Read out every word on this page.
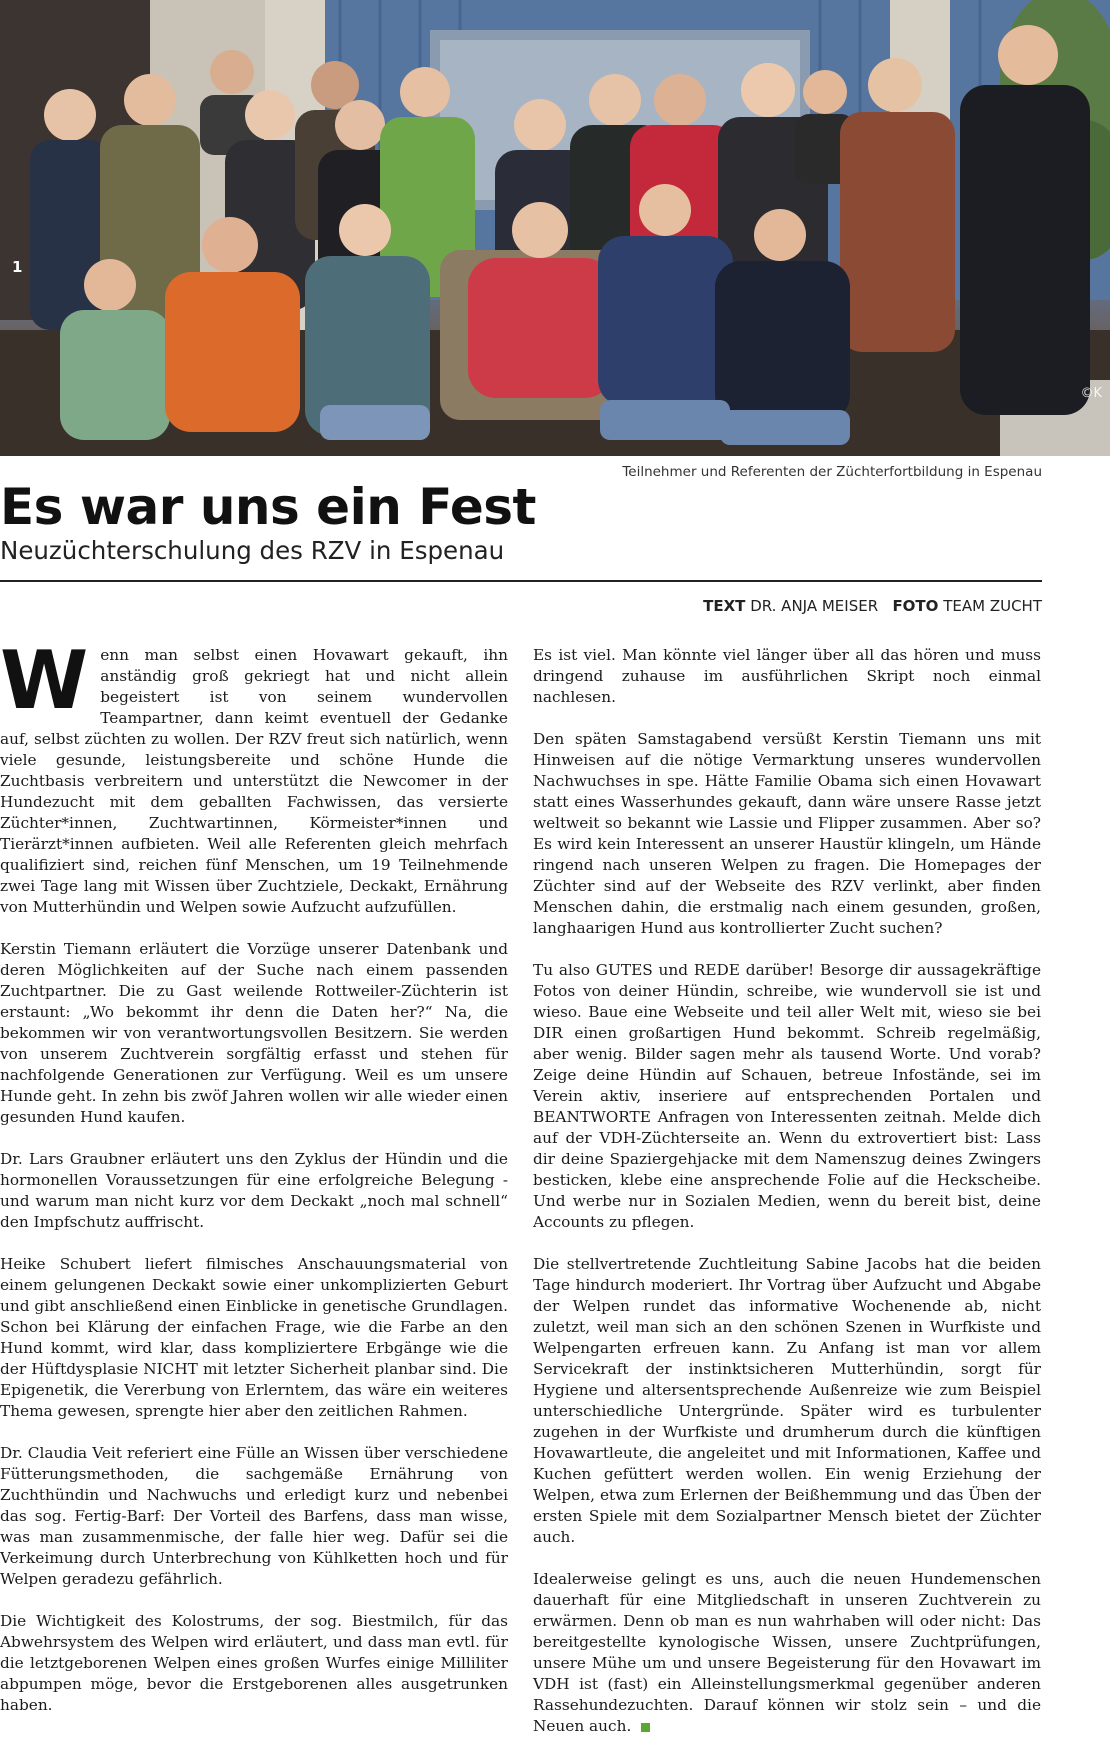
1
©K
Teilnehmer und Referenten der Züchterfortbildung in Espenau
Es war uns ein Fest
Neuzüchterschulung des RZV in Espenau
TEXT DR. ANJA MEISER FOTO TEAM ZUCHT

Wenn man selbst einen Hovawart gekauft, ihn anständig groß gekriegt hat und nicht allein begeistert ist von seinem wundervollen Teampartner, dann keimt eventuell der Gedanke auf, selbst züchten zu wollen. Der RZV freut sich natürlich, wenn viele gesunde, leistungsbereite und schöne Hunde die Zuchtbasis verbreitern und unterstützt die Newcomer in der Hundezucht mit dem geballten Fachwissen, das versierte Züchter*innen, Zuchtwartinnen, Körmeister*innen und Tierärzt*innen aufbieten. Weil alle Referenten gleich mehrfach qualifiziert sind, reichen fünf Menschen, um 19 Teilnehmende zwei Tage lang mit Wissen über Zuchtziele, Deckakt, Ernährung von Mutterhündin und Welpen sowie Aufzucht aufzufüllen.

Kerstin Tiemann erläutert die Vorzüge unserer Datenbank und deren Möglichkeiten auf der Suche nach einem passenden Zuchtpartner. Die zu Gast weilende Rottweiler-Züchterin ist erstaunt: „Wo bekommt ihr denn die Daten her?“ Na, die bekommen wir von verantwortungsvollen Besitzern. Sie werden von unserem Zuchtverein sorgfältig erfasst und stehen für nachfolgende Generationen zur Verfügung. Weil es um unsere Hunde geht. In zehn bis zwöf Jahren wollen wir alle wieder einen gesunden Hund kaufen.

Dr. Lars Graubner erläutert uns den Zyklus der Hündin und die hormonellen Voraussetzungen für eine erfolgreiche Belegung - und warum man nicht kurz vor dem Deckakt „noch mal schnell“ den Impfschutz auffrischt.

Heike Schubert liefert filmisches Anschauungsmaterial von einem gelungenen Deckakt sowie einer unkomplizierten Geburt und gibt anschließend einen Einblicke in genetische Grundlagen. Schon bei Klärung der einfachen Frage, wie die Farbe an den Hund kommt, wird klar, dass kompliziertere Erbgänge wie die der Hüftdysplasie NICHT mit letzter Sicherheit planbar sind. Die Epigenetik, die Vererbung von Erlerntem, das wäre ein weiteres Thema gewesen, sprengte hier aber den zeitlichen Rahmen.

Dr. Claudia Veit referiert eine Fülle an Wissen über verschiedene Fütterungsmethoden, die sachgemäße Ernährung von Zuchthündin und Nachwuchs und erledigt kurz und nebenbei das sog. Fertig-Barf: Der Vorteil des Barfens, dass man wisse, was man zusammenmische, der falle hier weg. Dafür sei die Verkeimung durch Unterbrechung von Kühlketten hoch und für Welpen geradezu gefährlich.

Die Wichtigkeit des Kolostrums, der sog. Biestmilch, für das Abwehrsystem des Welpen wird erläutert, und dass man evtl. für die letztgeborenen Welpen eines großen Wurfes einige Milliliter abpumpen möge, bevor die Erstgeborenen alles ausgetrunken haben.

Es ist viel. Man könnte viel länger über all das hören und muss dringend zuhause im ausführlichen Skript noch einmal nachlesen.

Den späten Samstagabend versüßt Kerstin Tiemann uns mit Hinweisen auf die nötige Vermarktung unseres wundervollen Nachwuchses in spe. Hätte Familie Obama sich einen Hovawart statt eines Wasserhundes gekauft, dann wäre unsere Rasse jetzt weltweit so bekannt wie Lassie und Flipper zusammen. Aber so? Es wird kein Interessent an unserer Haustür klingeln, um Hände ringend nach unseren Welpen zu fragen. Die Homepages der Züchter sind auf der Webseite des RZV verlinkt, aber finden Menschen dahin, die erstmalig nach einem gesunden, großen, langhaarigen Hund aus kontrollierter Zucht suchen?

Tu also GUTES und REDE darüber! Besorge dir aussagekräftige Fotos von deiner Hündin, schreibe, wie wundervoll sie ist und wieso. Baue eine Webseite und teil aller Welt mit, wieso sie bei DIR einen großartigen Hund bekommt. Schreib regelmäßig, aber wenig. Bilder sagen mehr als tausend Worte. Und vorab? Zeige deine Hündin auf Schauen, betreue Infostände, sei im Verein aktiv, inseriere auf entsprechenden Portalen und BEANTWORTE Anfragen von Interessenten zeitnah. Melde dich auf der VDH-Züchterseite an. Wenn du extrovertiert bist: Lass dir deine Spaziergehjacke mit dem Namenszug deines Zwingers besticken, klebe eine ansprechende Folie auf die Heckscheibe. Und werbe nur in Sozialen Medien, wenn du bereit bist, deine Accounts zu pflegen.

Die stellvertretende Zuchtleitung Sabine Jacobs hat die beiden Tage hindurch moderiert. Ihr Vortrag über Aufzucht und Abgabe der Welpen rundet das informative Wochenende ab, nicht zuletzt, weil man sich an den schönen Szenen in Wurfkiste und Welpengarten erfreuen kann. Zu Anfang ist man vor allem Servicekraft der instinktsicheren Mutterhündin, sorgt für Hygiene und altersentsprechende Außenreize wie zum Beispiel unterschiedliche Untergründe. Später wird es turbulenter zugehen in der Wurfkiste und drumherum durch die künftigen Hovawartleute, die angeleitet und mit Informationen, Kaffee und Kuchen gefüttert werden wollen. Ein wenig Erziehung der Welpen, etwa zum Erlernen der Beißhemmung und das Üben der ersten Spiele mit dem Sozialpartner Mensch bietet der Züchter auch.

Idealerweise gelingt es uns, auch die neuen Hundemenschen dauerhaft für eine Mitgliedschaft in unseren Zuchtverein zu erwärmen. Denn ob man es nun wahrhaben will oder nicht: Das bereitgestellte kynologische Wissen, unsere Zuchtprüfungen, unsere Mühe um und unsere Begeisterung für den Hovawart im VDH ist (fast) ein Alleinstellungsmerkmal gegenüber anderen Rassehundezuchten. Darauf können wir stolz sein – und die Neuen auch.
